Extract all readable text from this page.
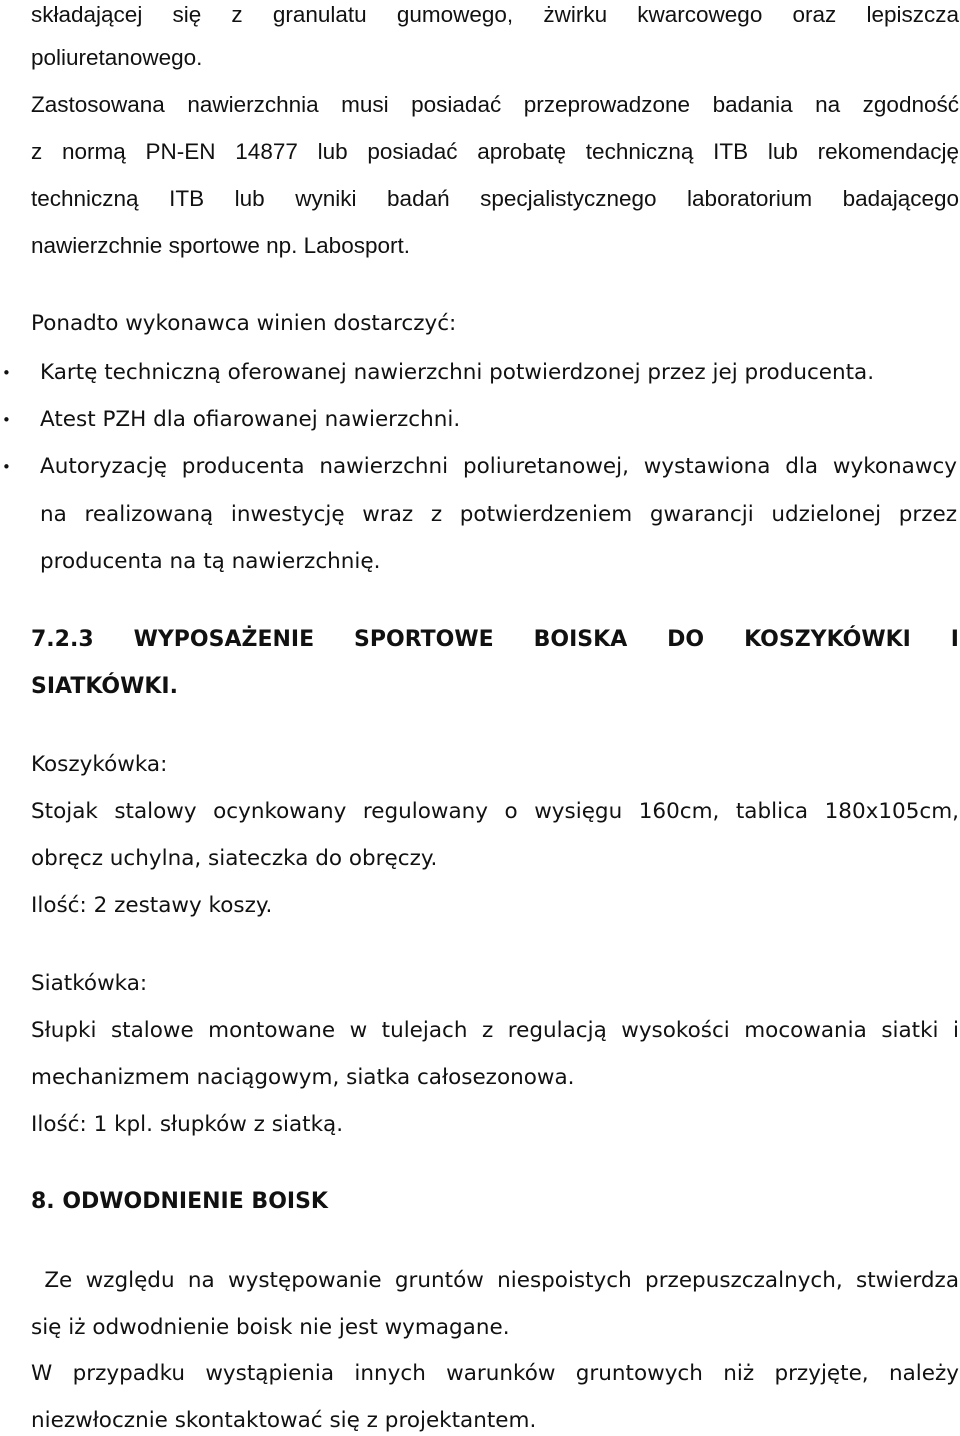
składającej się z granulatu gumowego, żwirku kwarcowego oraz lepiszcza
poliuretanowego.
Zastosowana nawierzchnia musi posiadać przeprowadzone badania na zgodność
z normą PN-EN 14877 lub posiadać aprobatę techniczną ITB lub rekomendację
techniczną ITB lub wyniki badań specjalistycznego laboratorium badającego
nawierzchnie sportowe np. Labosport.
Ponadto wykonawca winien dostarczyć:
• Kartę techniczną oferowanej nawierzchni potwierdzonej przez jej producenta.
• Atest PZH dla ofiarowanej nawierzchni.
• Autoryzację producenta nawierzchni poliuretanowej, wystawiona dla wykonawcy
na realizowaną inwestycję wraz z potwierdzeniem gwarancji udzielonej przez
producenta na tą nawierzchnię.
7.2.3 WYPOSAŻENIE SPORTOWE BOISKA DO KOSZYKÓWKI I
SIATKÓWKI.
Koszykówka:
Stojak stalowy ocynkowany regulowany o wysięgu 160cm, tablica 180x105cm,
obręcz uchylna, siateczka do obręczy.
Ilość: 2 zestawy koszy.
Siatkówka:
Słupki stalowe montowane w tulejach z regulacją wysokości mocowania siatki i
mechanizmem naciągowym, siatka całosezonowa.
Ilość: 1 kpl. słupków z siatką.
8. ODWODNIENIE BOISK
Ze względu na występowanie gruntów niespoistych przepuszczalnych, stwierdza
się iż odwodnienie boisk nie jest wymagane.
W przypadku wystąpienia innych warunków gruntowych niż przyjęte, należy
niezwłocznie skontaktować się z projektantem.
